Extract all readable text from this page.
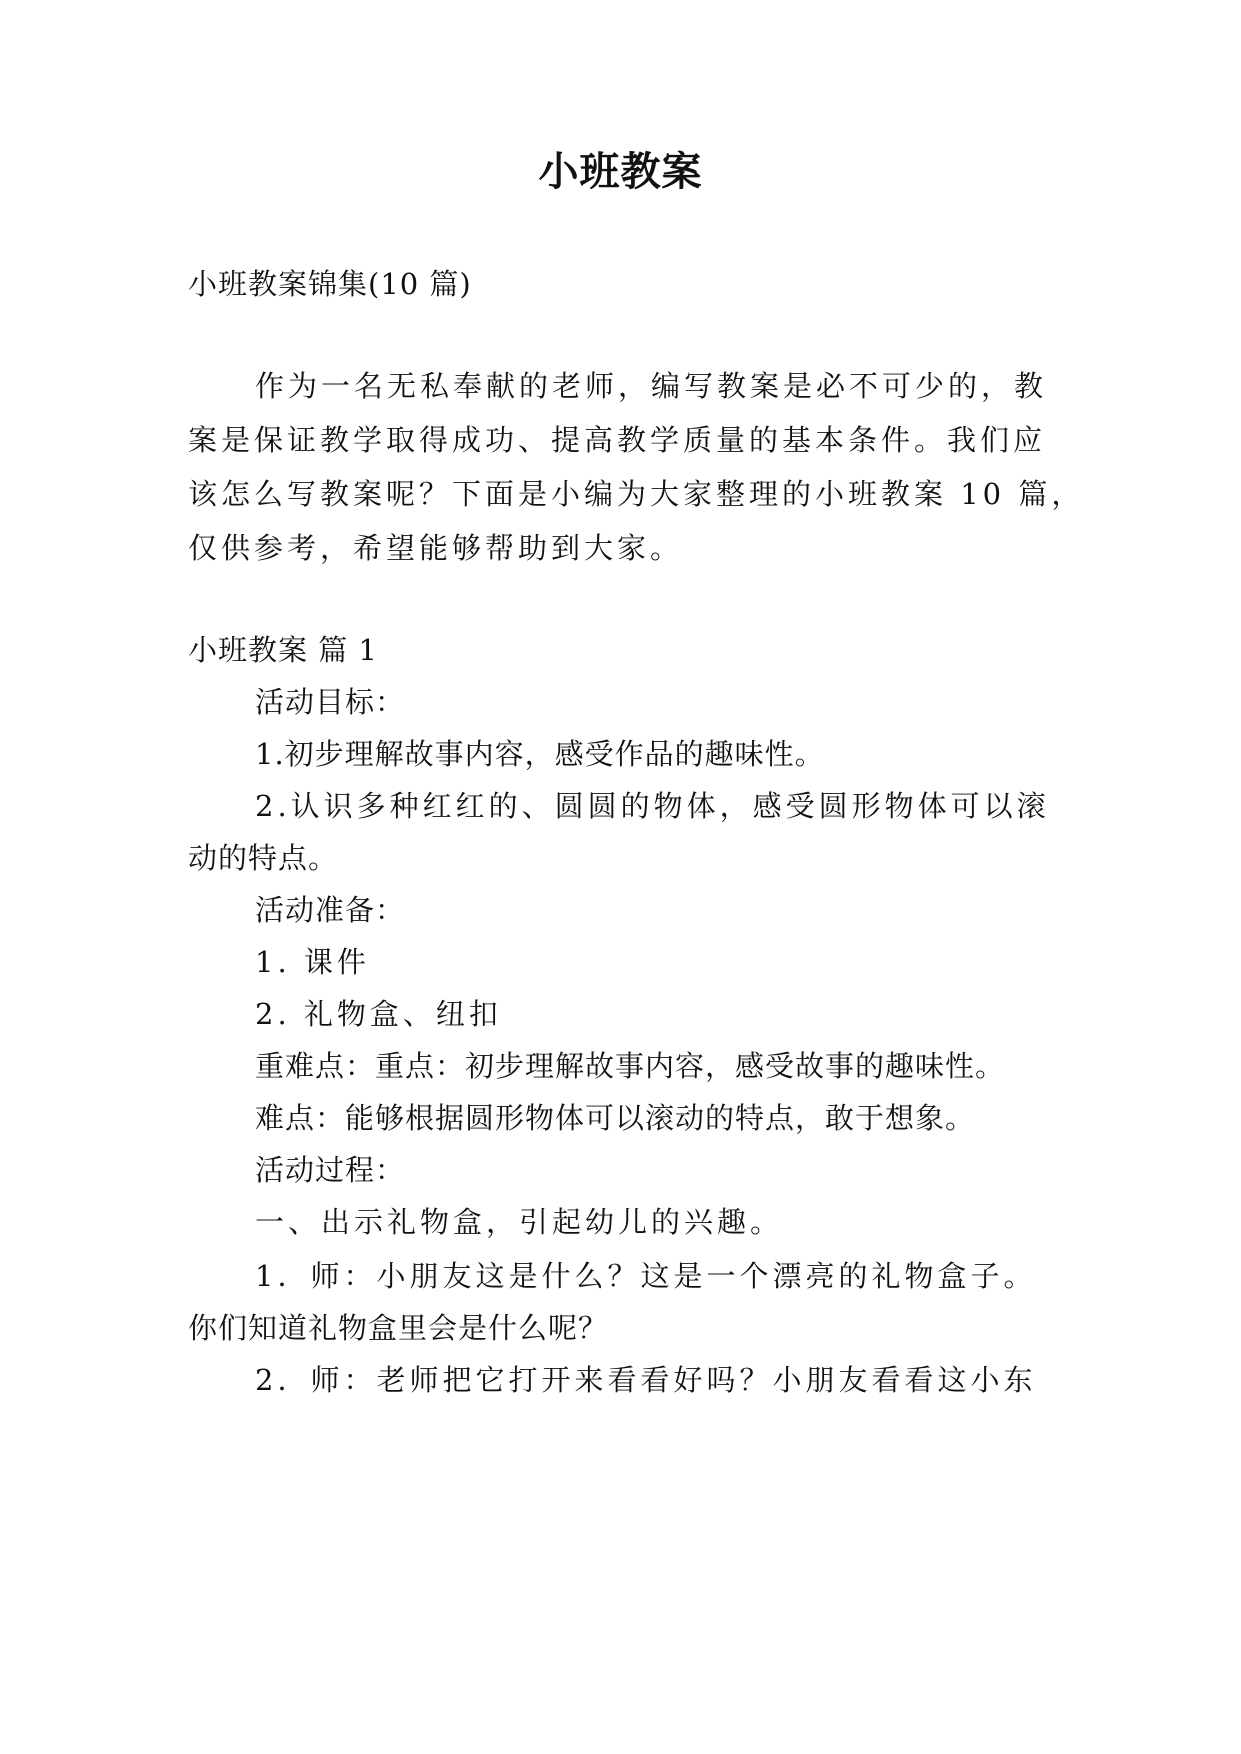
小班教案

小班教案锦集(10 篇)

作为一名无私奉献的老师，编写教案是必不可少的，教

案是保证教学取得成功、提高教学质量的基本条件。我们应

该怎么写教案呢？下面是小编为大家整理的小班教案 10 篇，

仅供参考，希望能够帮助到大家。

小班教案 篇 1

活动目标：

1.初步理解故事内容，感受作品的趣味性。

2.认识多种红红的、圆圆的物体，感受圆形物体可以滚

动的特点。

活动准备：

1. 课件

2. 礼物盒、纽扣

重难点：重点：初步理解故事内容，感受故事的趣味性。

难点：能够根据圆形物体可以滚动的特点，敢于想象。

活动过程：

一、出示礼物盒，引起幼儿的兴趣。

1．师：小朋友这是什么？这是一个漂亮的礼物盒子。

你们知道礼物盒里会是什么呢？

2．师：老师把它打开来看看好吗？小朋友看看这小东
